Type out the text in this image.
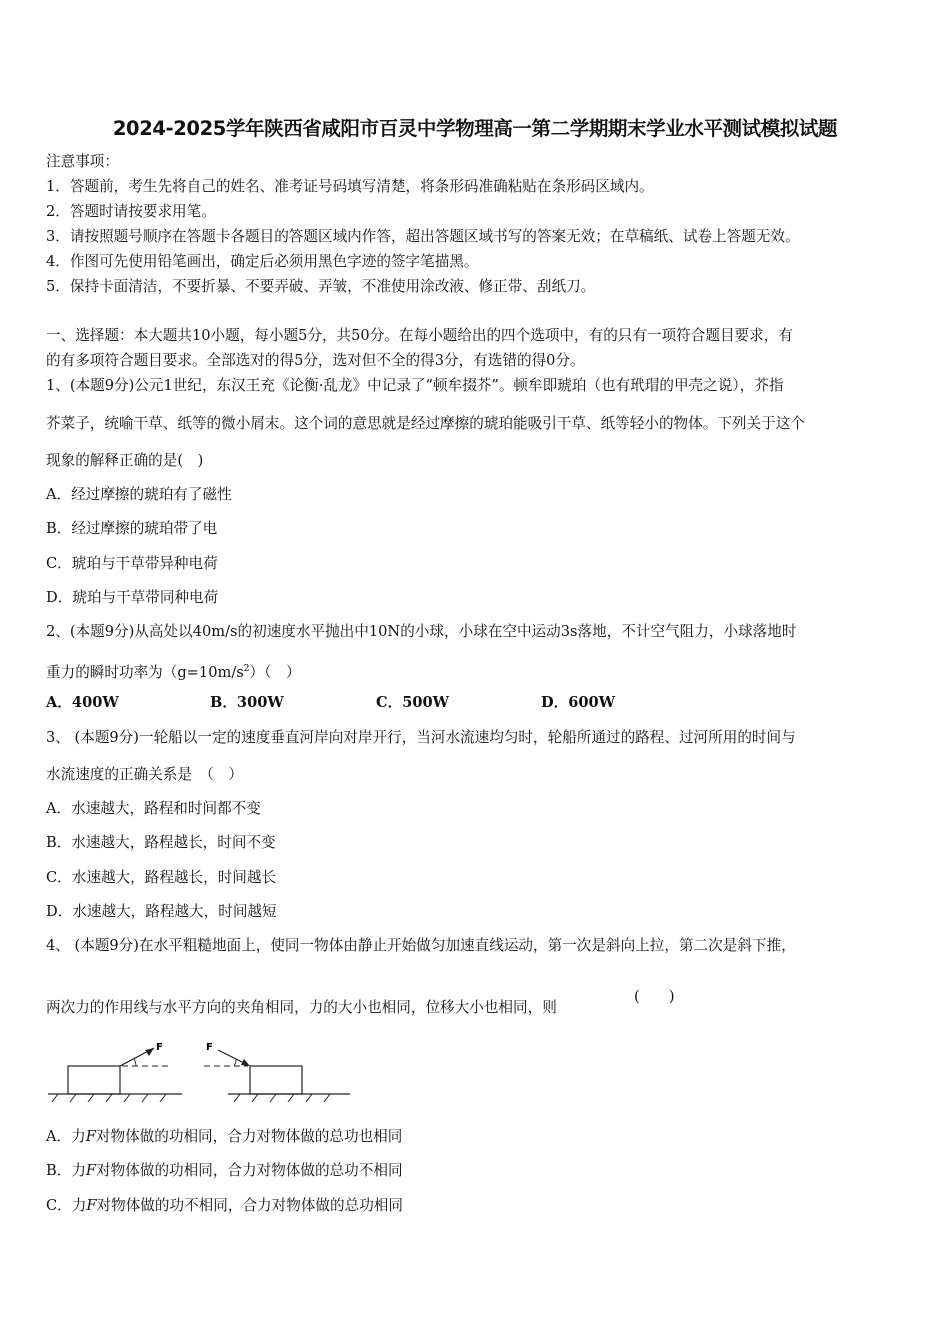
2024-2025学年陕西省咸阳市百灵中学物理高一第二学期期末学业水平测试模拟试题
注意事项：
1．答题前，考生先将自己的姓名、准考证号码填写清楚，将条形码准确粘贴在条形码区域内。
2．答题时请按要求用笔。
3．请按照题号顺序在答题卡各题目的答题区域内作答，超出答题区域书写的答案无效；在草稿纸、试卷上答题无效。
4．作图可先使用铅笔画出，确定后必须用黑色字迹的签字笔描黑。
5．保持卡面清洁，不要折暴、不要弄破、弄皱，不准使用涂改液、修正带、刮纸刀。
一、选择题：本大题共10小题，每小题5分，共50分。在每小题给出的四个选项中，有的只有一项符合题目要求，有
的有多项符合题目要求。全部选对的得5分，选对但不全的得3分，有选错的得0分。
1、(本题9分)公元1世纪，东汉王充《论衡·乱龙》中记录了“顿牟掇芥”。顿牟即琥珀（也有玳瑁的甲壳之说），芥指
芥菜子，统喻干草、纸等的微小屑末。这个词的意思就是经过摩擦的琥珀能吸引干草、纸等轻小的物体。下列关于这个
现象的解释正确的是(　)
A．经过摩擦的琥珀有了磁性
B．经过摩擦的琥珀带了电
C．琥珀与干草带异种电荷
D．琥珀与干草带同种电荷
2、(本题9分)从高处以40m/s的初速度水平抛出中10N的小球，小球在空中运动3s落地，不计空气阻力，小球落地时
重力的瞬时功率为$(g=10m/s^2)$（　）
A．400W	B．300W	C．500W	D．600W
3、 (本题9分)一轮船以一定的速度垂直河岸向对岸开行，当河水流速均匀时，轮船所通过的路程、过河所用的时间与
水流速度的正确关系是　（　）
A．水速越大，路程和时间都不变
B．水速越大，路程越长，时间不变
C．水速越大，路程越长，时间越长
D．水速越大，路程越大，时间越短
4、 (本题9分)在水平粗糙地面上，使同一物体由静止开始做匀加速直线运动，第一次是斜向上拉，第二次是斜下推，
两次力的作用线与水平方向的夹角相同，力的大小也相同，位移大小也相同，则
(　　)
F	F
A．力F对物体做的功相同，合力对物体做的总功也相同
B．力F对物体做的功相同，合力对物体做的总功不相同
C．力F对物体做的功不相同，合力对物体做的总功相同
